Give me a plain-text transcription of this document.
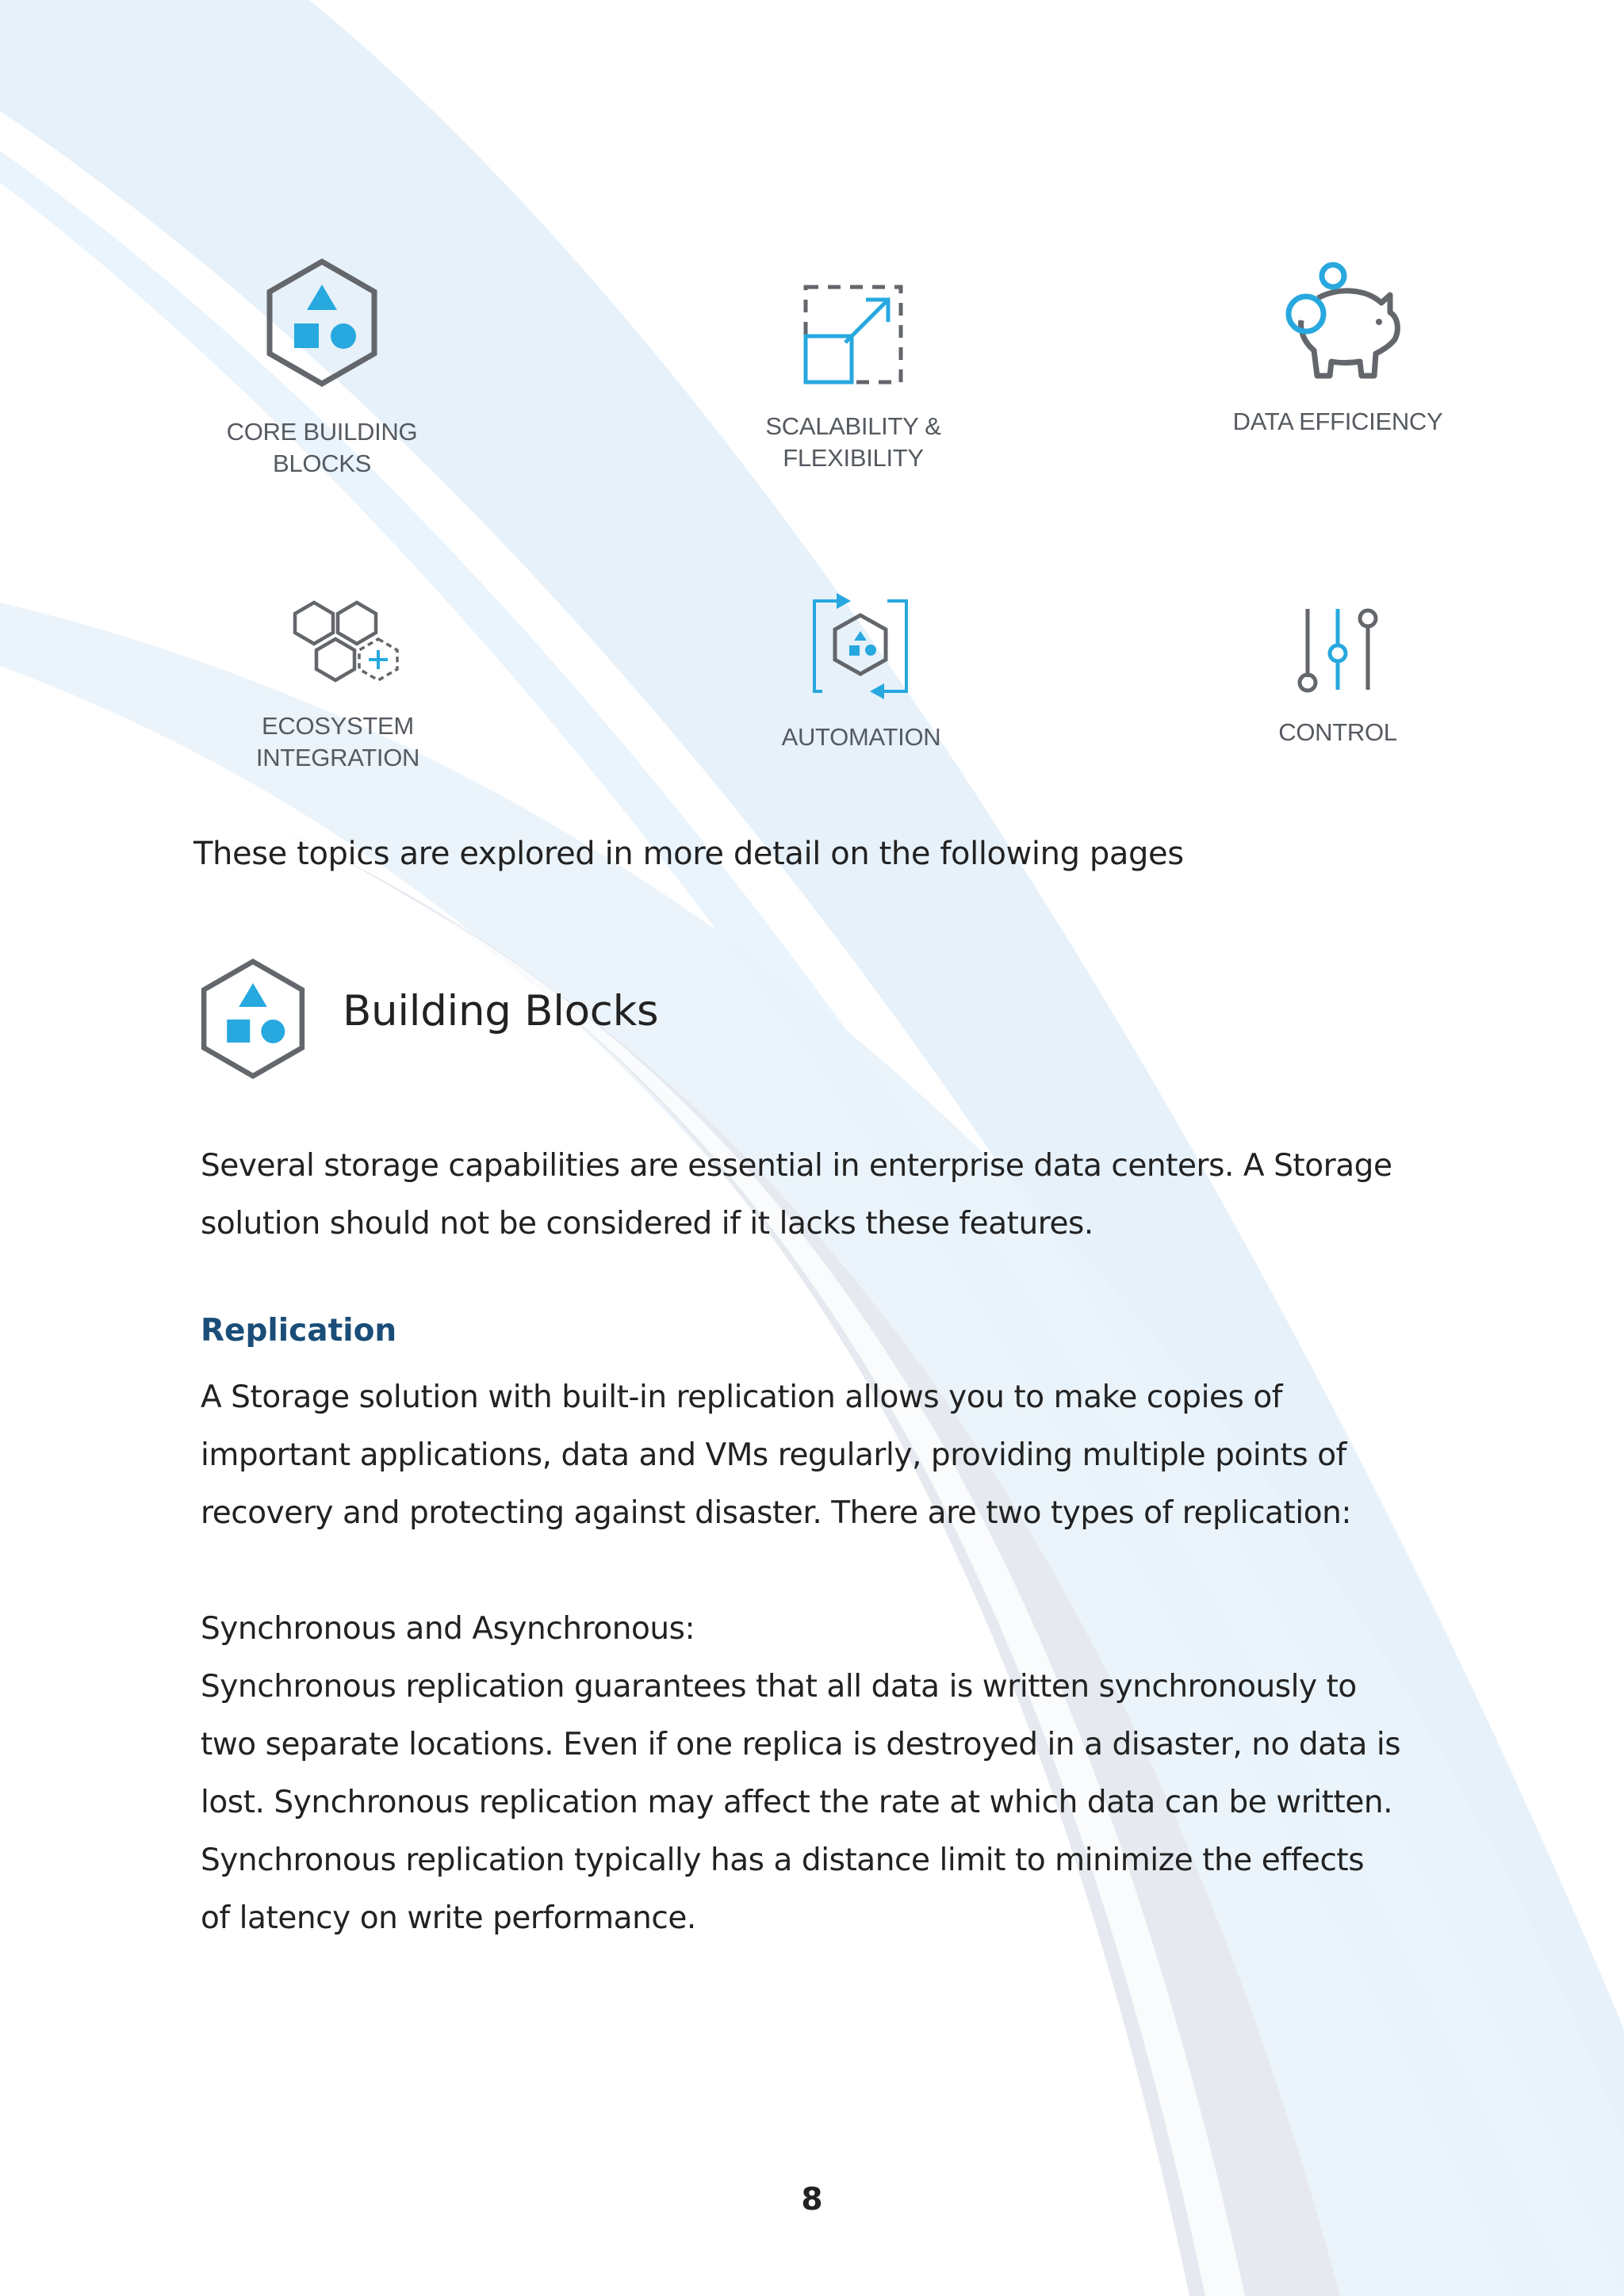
CORE BUILDING BLOCKS
SCALABILITY &
FLEXIBILITY
DATA EFFICIENCY
ECOSYSTEM INTEGRATION
AUTOMATION	CONTROL
These topics are explored in more detail on the following pages
Building Blocks
Several storage capabilities are essential in enterprise data centers. A Storage
solution should not be considered if it lacks these features.
Replication
A Storage solution with built-in replication allows you to make copies of
important applications, data and VMs regularly, providing multiple points of
recovery and protecting against disaster. There are two types of replication:
Synchronous and Asynchronous:
Synchronous replication guarantees that all data is written synchronously to
two separate locations. Even if one replica is destroyed in a disaster, no data is
lost. Synchronous replication may affect the rate at which data can be written.
Synchronous replication typically has a distance limit to minimize the effects
of latency on write performance.
8
